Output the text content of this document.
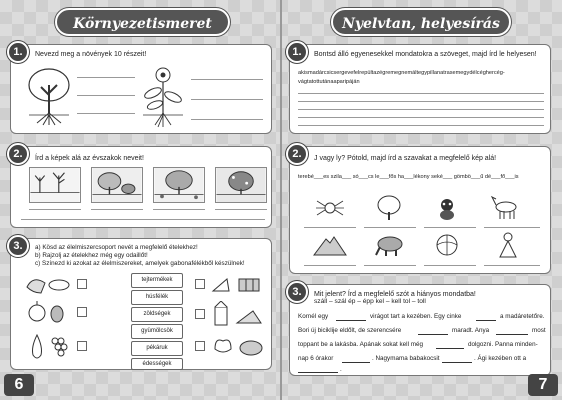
Környezetismeret
1.	Nevezd meg a növények 10 részeit!
2.	Írd a képek alá az évszakok neveit!
3.	a) Kösd az élelmiszercsoport nevét a megfelelő ételekhez!
b) Rajzolj az ételekhez még egy odaillőt!
c) Színezd ki azokat az élelmiszereket, amelyek gabonafélékből készülnek!
tejtermékek
húsfélék
zöldségek
gyümölcsök
pékáruk
édességek
6
Nyelvtan, helyesírás
1.	Bontsd álló egyenesekkel mondatokra a szöveget, majd írd le helyesen!
akismadárcsicsergevefelrepültazégremegnemáltegypillanatrasemegydélcéghercég-
vágtatottutánaaparipáján
2.	J vagy ly? Pótold, majd írd a szavakat a megfelelő kép alá!
terebé___es szila___ só___cs le___fős ha___lékony seké___ gömbö___ű dé___fő___is
3.	Mit jelent? Írd a megfelelő szót a hiányos mondatba!
száll – szál ép – épp kel – kell tol – toll
Kornél egy	virágot tart a kezében. Egy cinke	a madáretetőre.
Bori új biciklije eldőlt, de szerencsére	maradt. Anya	most
toppant be a lakásba. Apának sokat kell még	dolgozni. Panna minden-
nap 6 órakor	. Nagymama babakocsit	. Ági kezében ott a
.
7
